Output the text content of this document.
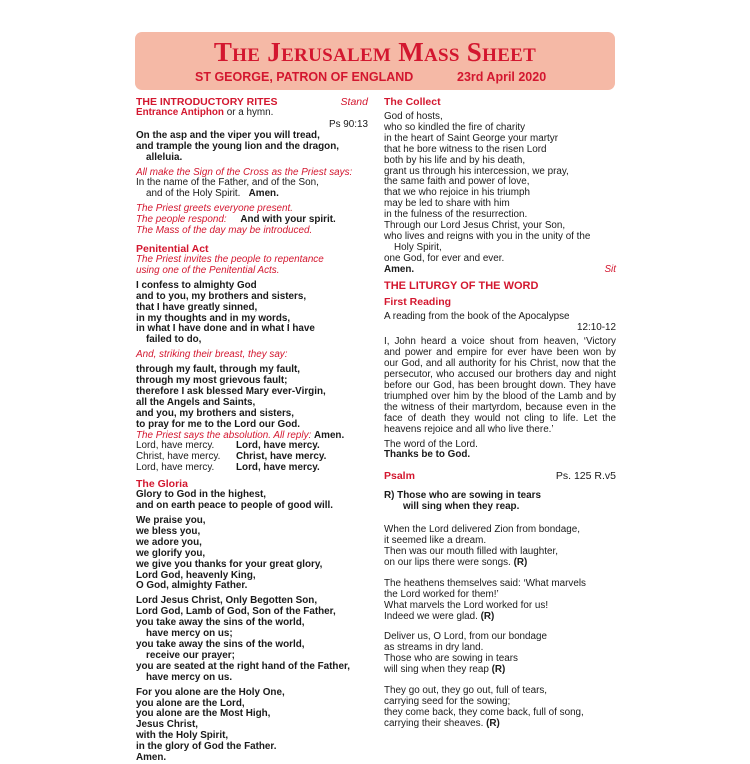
The Jerusalem Mass Sheet
ST GEORGE, PATRON OF ENGLAND	23rd April 2020
THE INTRODUCTORY RITES	Stand
Entrance Antiphon or a hymn.
Ps 90:13
On the asp and the viper you will tread,
and trample the young lion and the dragon,
alleluia.
All make the Sign of the Cross as the Priest says:
In the name of the Father, and of the Son,
and of the Holy Spirit. Amen.
The Priest greets everyone present.
The people respond: And with your spirit.
The Mass of the day may be introduced.
Penitential Act
The Priest invites the people to repentance
using one of the Penitential Acts.
I confess to almighty God
and to you, my brothers and sisters,
that I have greatly sinned,
in my thoughts and in my words,
in what I have done and in what I have
failed to do,
And, striking their breast, they say:
through my fault, through my fault,
through my most grievous fault;
therefore I ask blessed Mary ever-Virgin,
all the Angels and Saints,
and you, my brothers and sisters,
to pray for me to the Lord our God.
The Priest says the absolution. All reply: Amen.
Lord, have mercy. Lord, have mercy.
Christ, have mercy. Christ, have mercy.
Lord, have mercy. Lord, have mercy.
The Gloria
Glory to God in the highest,
and on earth peace to people of good will.
We praise you,
we bless you,
we adore you,
we glorify you,
we give you thanks for your great glory,
Lord God, heavenly King,
O God, almighty Father.
Lord Jesus Christ, Only Begotten Son,
Lord God, Lamb of God, Son of the Father,
you take away the sins of the world,
have mercy on us;
you take away the sins of the world,
receive our prayer;
you are seated at the right hand of the Father,
have mercy on us.
For you alone are the Holy One,
you alone are the Lord,
you alone are the Most High,
Jesus Christ,
with the Holy Spirit,
in the glory of God the Father.
Amen.
The Collect
God of hosts,
who so kindled the fire of charity
in the heart of Saint George your martyr
that he bore witness to the risen Lord
both by his life and by his death,
grant us through his intercession, we pray,
the same faith and power of love,
that we who rejoice in his triumph
may be led to share with him
in the fulness of the resurrection.
Through our Lord Jesus Christ, your Son,
who lives and reigns with you in the unity of the
Holy Spirit,
one God, for ever and ever.
Amen.	Sit
THE LITURGY OF THE WORD
First Reading
A reading from the book of the Apocalypse
12:10-12
I, John heard a voice shout from heaven, ‘Victory and power and empire for ever have been won by our God, and all authority for his Christ, now that the persecutor, who accused our brothers day and night before our God, has been brought down. They have triumphed over him by the blood of the Lamb and by the witness of their martyrdom, because even in the face of death they would not cling to life. Let the heavens rejoice and all who live there.’
The word of the Lord.
Thanks be to God.
Psalm	Ps. 125 R.v5
R) Those who are sowing in tears
will sing when they reap.
When the Lord delivered Zion from bondage,
it seemed like a dream.
Then was our mouth filled with laughter,
on our lips there were songs. (R)
The heathens themselves said: ‘What marvels
the Lord worked for them!’
What marvels the Lord worked for us!
Indeed we were glad. (R)
Deliver us, O Lord, from our bondage
as streams in dry land.
Those who are sowing in tears
will sing when they reap (R)
They go out, they go out, full of tears,
carrying seed for the sowing;
they come back, they come back, full of song,
carrying their sheaves. (R)
